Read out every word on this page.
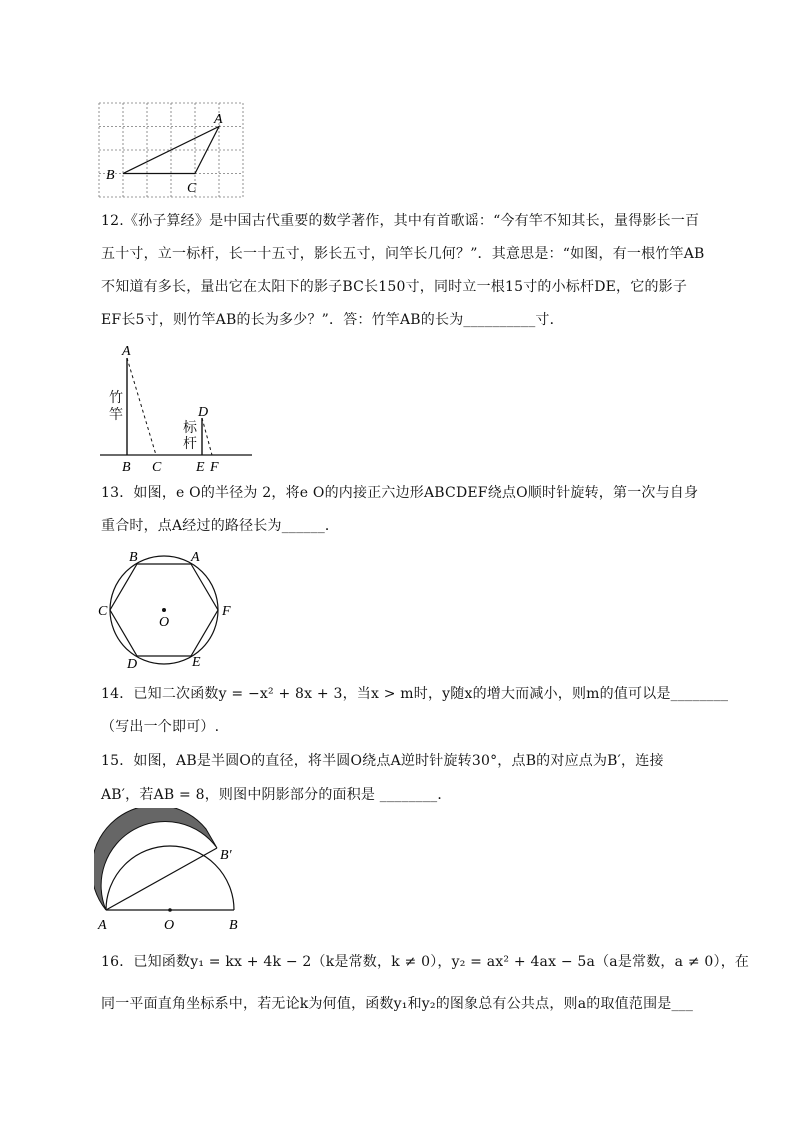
A
B
C
12.《孙子算经》是中国古代重要的数学著作，其中有首歌谣：“今有竿不知其长，量得影长一百
五十寸，立一标杆，长一十五寸，影长五寸，问竿长几何？”．其意思是：“如图，有一根竹竿AB
不知道有多长，量出它在太阳下的影子BC长150寸，同时立一根15寸的小标杆DE，它的影子
EF长5寸，则竹竿AB的长为多少？”．答：竹竿AB的长为__________寸．
A
B C
D
E F
竹竿
标杆
13．如图，e O的半径为 2，将e O的内接正六边形ABCDEF绕点O顺时针旋转，第一次与自身
重合时，点A经过的路径长为______．
A
B
C
D	E
F
O
14．已知二次函数y = −x² + 8x + 3，当x > m时，y随x的增大而减小，则m的值可以是________
（写出一个即可）.
15．如图，AB是半圆O的直径，将半圆O绕点A逆时针旋转30°，点B的对应点为B′，连接
AB′，若AB = 8，则图中阴影部分的面积是 ________．
A	O	B
B′
16．已知函数y₁ = kx + 4k − 2（k是常数，k ≠ 0），y₂ = ax² + 4ax − 5a（a是常数，a ≠ 0），在
同一平面直角坐标系中，若无论k为何值，函数y₁和y₂的图象总有公共点，则a的取值范围是___
